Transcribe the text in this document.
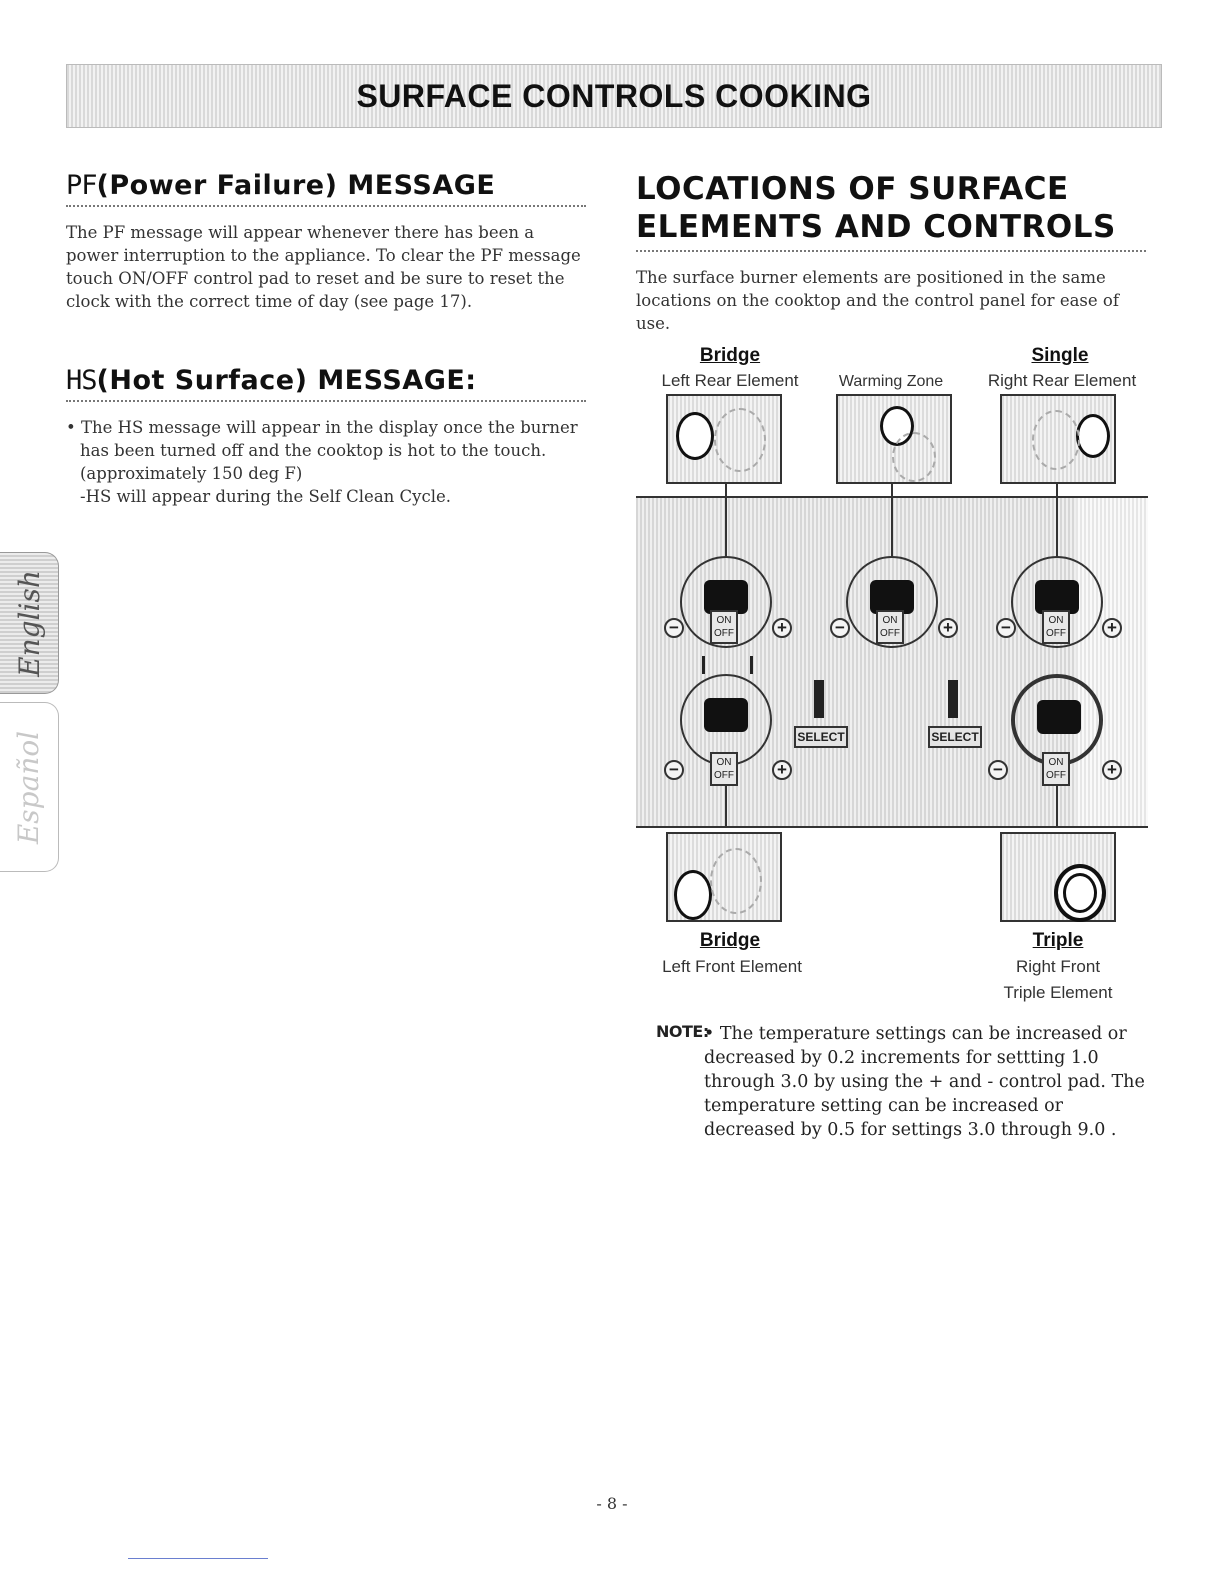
SURFACE CONTROLS COOKING
English
Español
PF(Power Failure) MESSAGE

The PF message will appear whenever there has been a power interruption to the appliance. To clear the PF message touch ON/OFF control pad to reset and be sure to reset the clock with the correct time of day (see page 17).

HS(Hot Surface) MESSAGE:
• The HS message will appear in the display once the burner has been turned off and the cooktop is hot to the touch.

(approximately 150 deg F)

-HS will appear during the Self Clean Cycle.

LOCATIONS OF SURFACE
ELEMENTS AND CONTROLS

The surface burner elements are positioned in the same locations on the cooktop and the control panel for ease of use.

Bridge
Left Rear Element	Warming Zone
Single
Right Rear Element
−	ON
OFF	+	−	ON
OFF	+	−	ON
OFF +
SELECT	SELECT
−	ON
OFF	+	−	ON
OFF +
Bridge
Left Front Element
Triple
Right Front
Triple Element
NOTE:

• The temperature settings can be increased or decreased by 0.2 increments for settting 1.0 through 3.0 by using the + and - control pad. The temperature setting can be increased or decreased by 0.5 for settings 3.0 through 9.0 .

- 8 -
